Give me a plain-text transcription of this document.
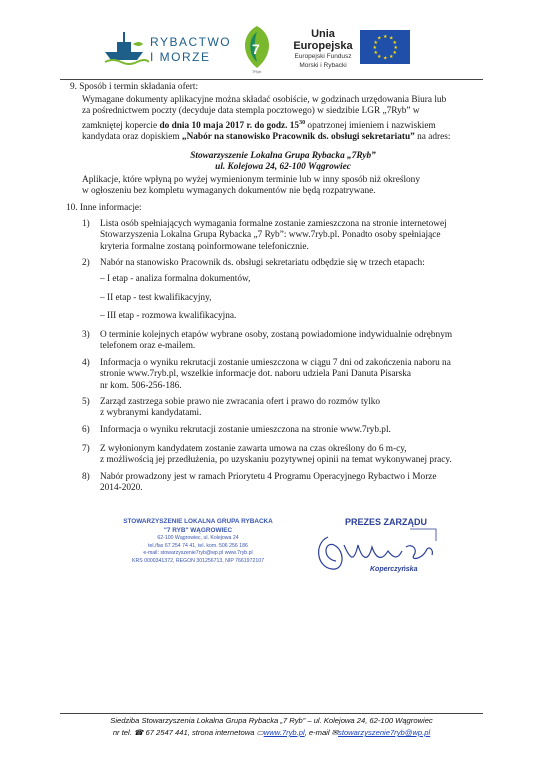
RYBACTWO
I MORZE	7
7Ryb
Unia Europejska
Europejski Fundusz
Morski i Rybacki
★ ★
★
★
★
★
★
★
★
★
★
★
9. Sposób i termin składania ofert:
Wymagane dokumenty aplikacyjne można składać osobiście, w godzinach urzędowania Biura lub
za pośrednictwem poczty (decyduje data stempla pocztowego) w siedzibie LGR „7Ryb” w
zamkniętej kopercie do dnia 10 maja 2017 r. do godz. $15^{30}$ opatrzonej imieniem i nazwiskiem
kandydata oraz dopiskiem „Nabór na stanowisko Pracownik ds. obsługi sekretariatu” na adres:
Stowarzyszenie Lokalna Grupa Rybacka „7Ryb”
ul. Kolejowa 24, 62-100 Wągrowiec
Aplikacje, które wpłyną po wyżej wymienionym terminie lub w inny sposób niż określony
w ogłoszeniu bez kompletu wymaganych dokumentów nie będą rozpatrywane.
10. Inne informacje:
1) Lista osób spełniających wymagania formalne zostanie zamieszczona na stronie internetowej
Stowarzyszenia Lokalna Grupa Rybacka „7 Ryb”: www.7ryb.pl. Ponadto osoby spełniające
kryteria formalne zostaną poinformowane telefonicznie.
2) Nabór na stanowisko Pracownik ds. obsługi sekretariatu odbędzie się w trzech etapach:
– I etap - analiza formalna dokumentów,
– II etap - test kwalifikacyjny,
– III etap - rozmowa kwalifikacyjna.
3) O terminie kolejnych etapów wybrane osoby, zostaną powiadomione indywidualnie odrębnym
telefonem oraz e-mailem.
4) Informacja o wyniku rekrutacji zostanie umieszczona w ciągu 7 dni od zakończenia naboru na
stronie www.7ryb.pl, wszelkie informacje dot. naboru udziela Pani Danuta Pisarska
nr kom. 506-256-186.
5) Zarząd zastrzega sobie prawo nie zwracania ofert i prawo do rozmów tylko
z wybranymi kandydatami.
6) Informacja o wyniku rekrutacji zostanie umieszczona na stronie www.7ryb.pl.
7) Z wyłonionym kandydatem zostanie zawarta umowa na czas określony do 6 m-cy,
z możliwością jej przedłużenia, po uzyskaniu pozytywnej opinii na temat wykonywanej pracy.
8) Nabór prowadzony jest w ramach Priorytetu 4 Programu Operacyjnego Rybactwo i Morze
2014-2020.
STOWARZYSZENIE LOKALNA GRUPA RYBACKA
"7 RYB" WĄGROWIEC
62-100 Wągrowiec, ul. Kolejowa 24
tel./fax 67 254 74 41, tel. kom. 506 256 186
e-mail: stowarzyszenie7ryb@wp.pl www.7ryb.pl
KRS 0000341372, REGON 301256713, NIP 7661972107
PREZES ZARZĄDU
Koperczyńska
Siedziba Stowarzyszenia Lokalna Grupa Rybacka „7 Ryb” – ul. Kolejowa 24, 62-100 Wągrowiec
nr tel. ☎ 67 2547 441, strona internetowa ▭www.7ryb.pl, e-mail ✉stowarzyszenie7ryb@wp.pl
